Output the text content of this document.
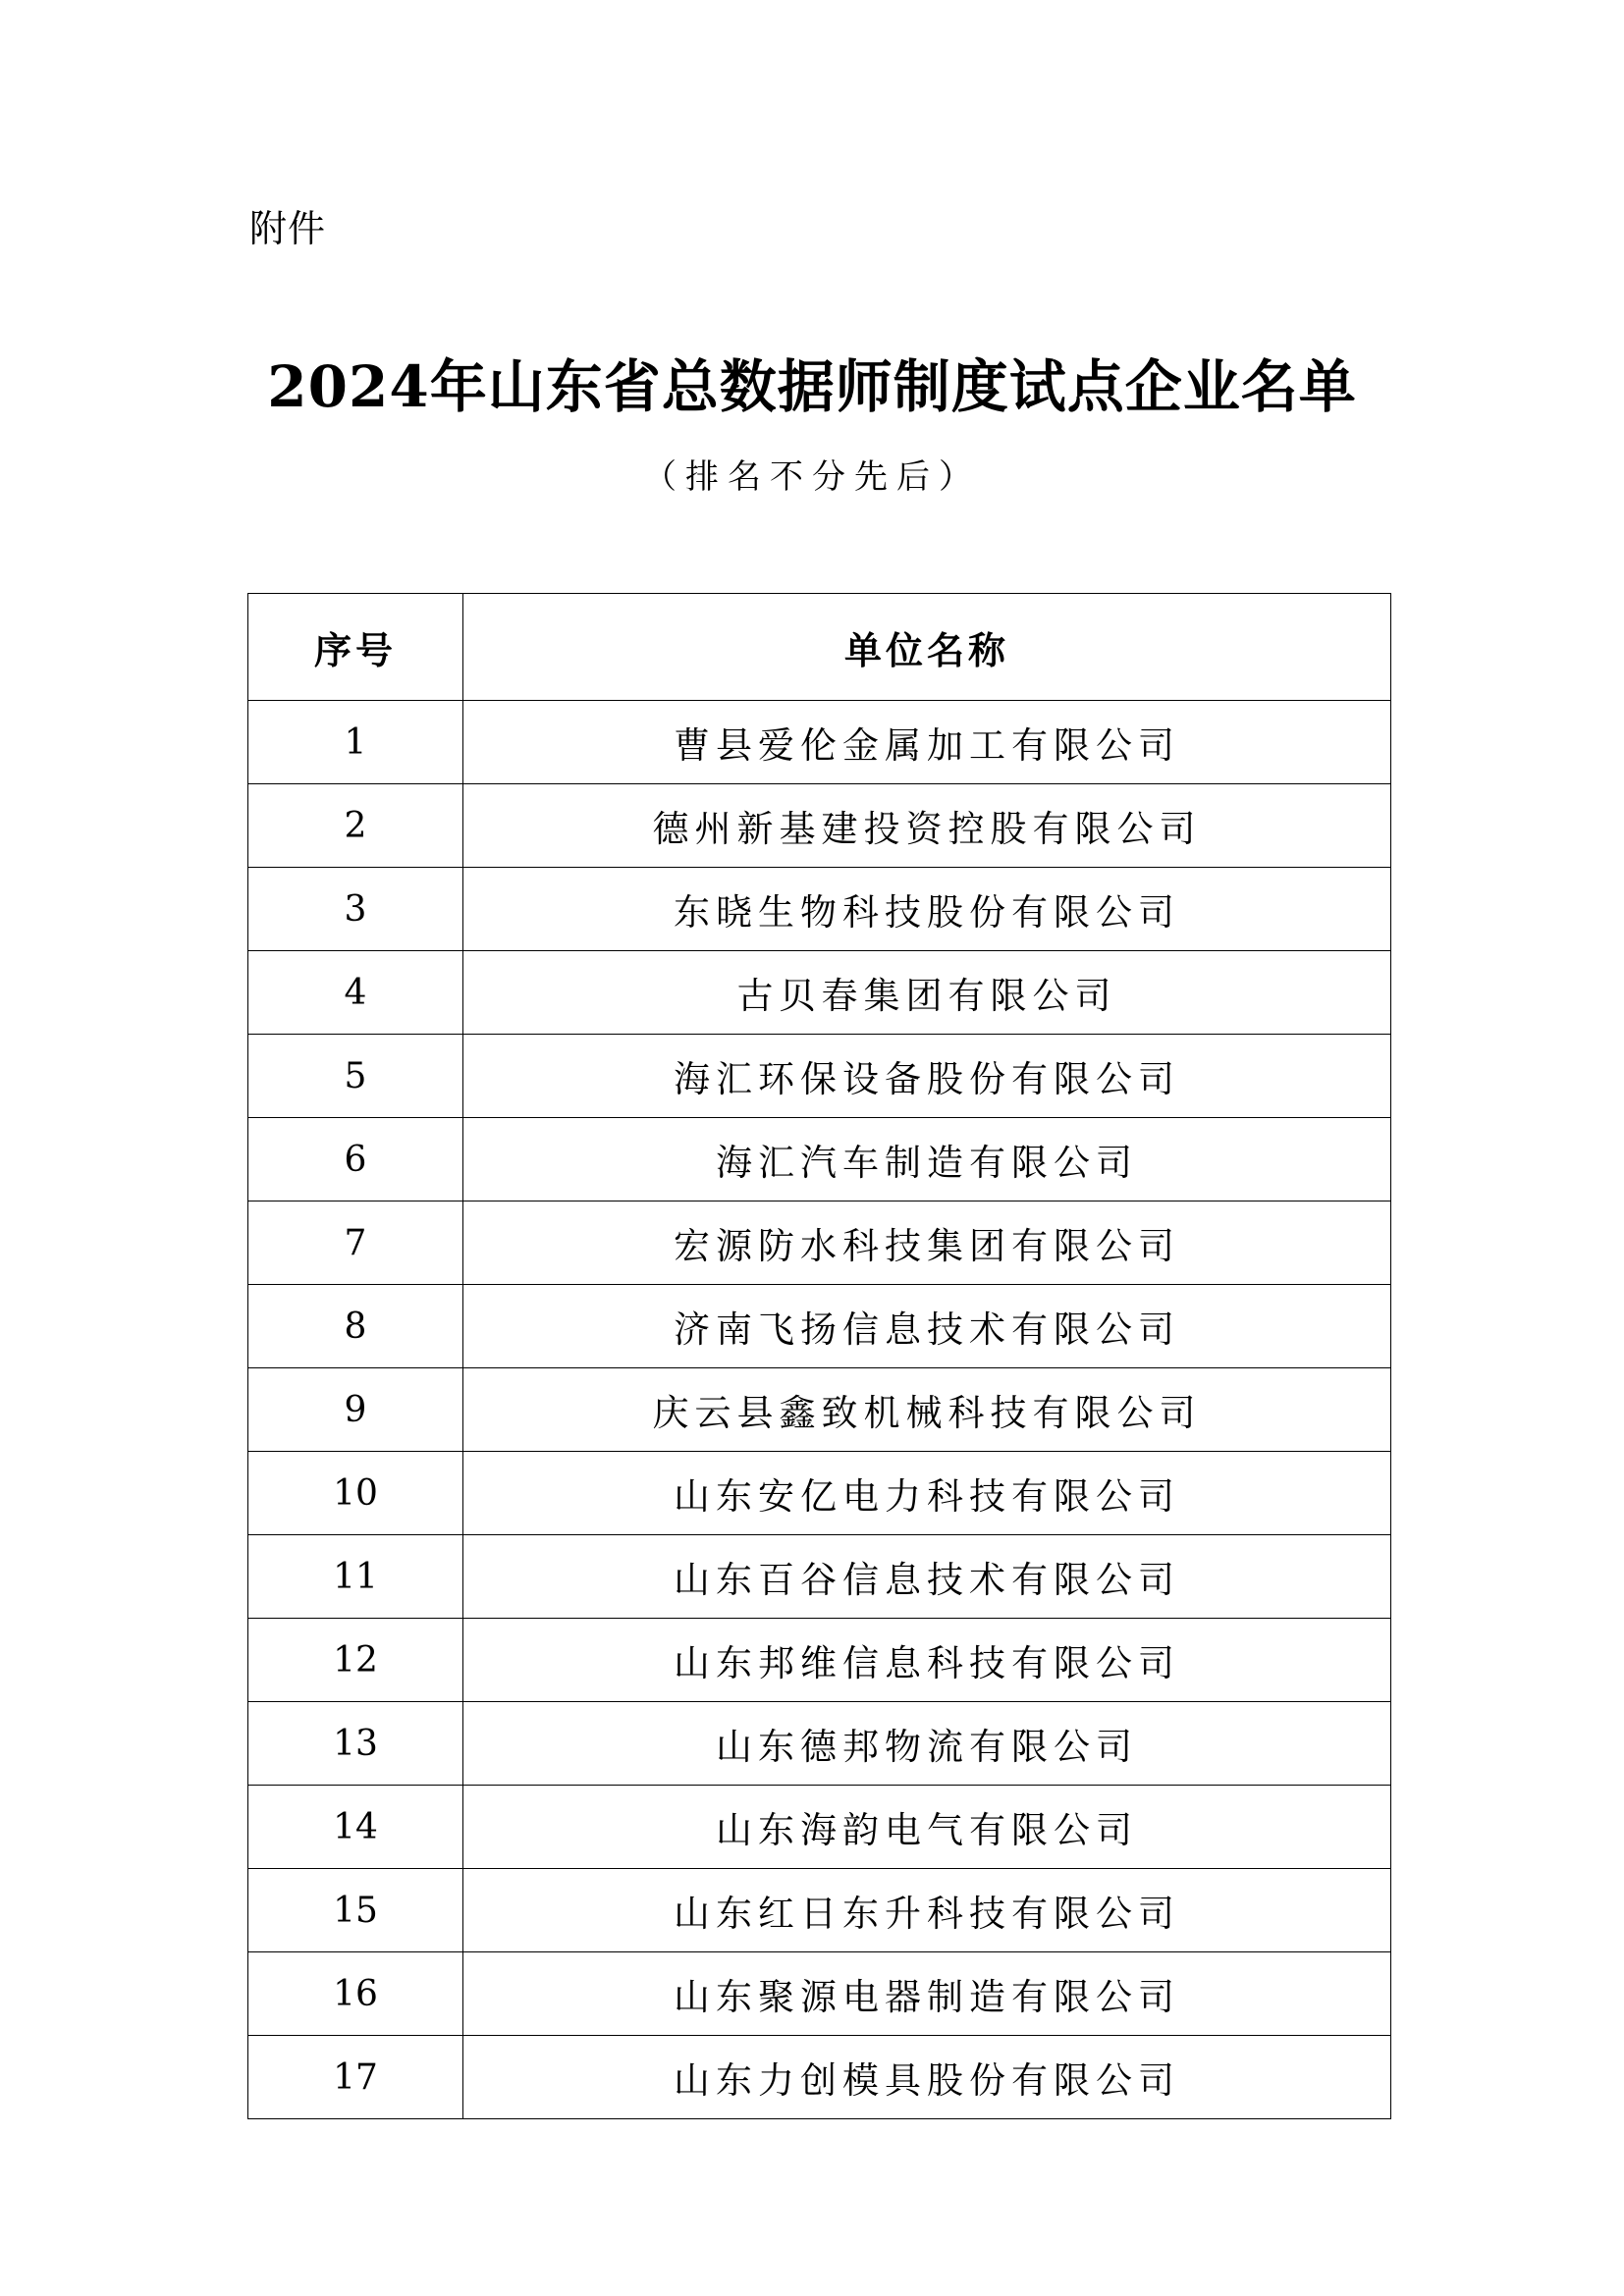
附件
2024年山东省总数据师制度试点企业名单
（排名不分先后）
序号	单位名称
1	曹县爱伦金属加工有限公司
2	德州新基建投资控股有限公司
3	东晓生物科技股份有限公司
4	古贝春集团有限公司
5	海汇环保设备股份有限公司
6	海汇汽车制造有限公司
7	宏源防水科技集团有限公司
8	济南飞扬信息技术有限公司
9	庆云县鑫致机械科技有限公司
10	山东安亿电力科技有限公司
11	山东百谷信息技术有限公司
12	山东邦维信息科技有限公司
13	山东德邦物流有限公司
14	山东海韵电气有限公司
15	山东红日东升科技有限公司
16	山东聚源电器制造有限公司
17	山东力创模具股份有限公司
